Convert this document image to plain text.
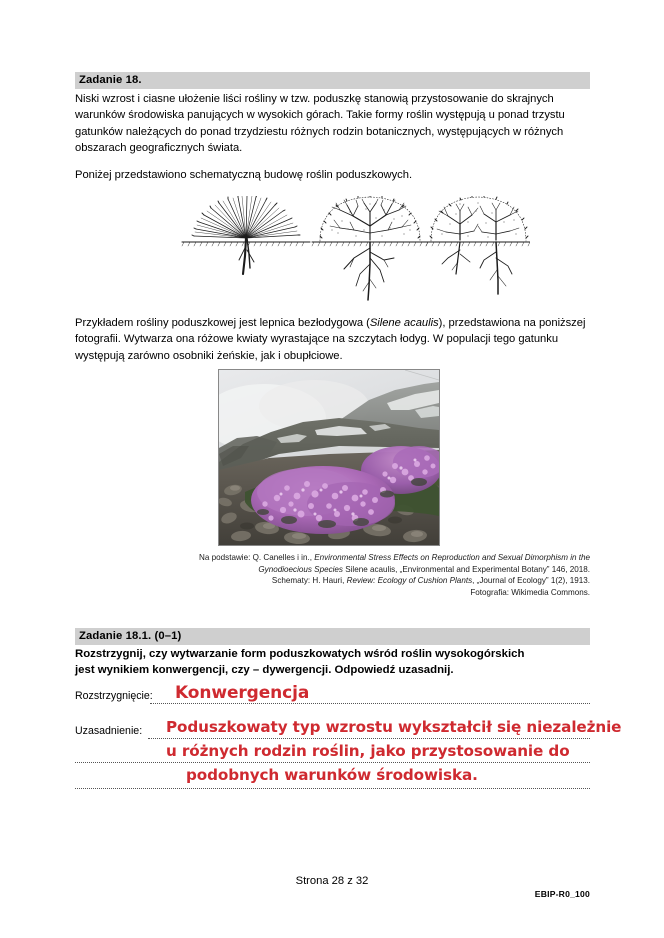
Zadanie 18.
Niski wzrost i ciasne ułożenie liści rośliny w tzw. poduszkę stanowią przystosowanie do skrajnych warunków środowiska panujących w wysokich górach. Takie formy roślin występują u ponad trzystu gatunków należących do ponad trzydziestu różnych rodzin botanicznych, występujących w różnych obszarach geograficznych świata.
Poniżej przedstawiono schematyczną budowę roślin poduszkowych.
Przykładem rośliny poduszkowej jest lepnica bezłodygowa (Silene acaulis), przedstawiona na poniższej fotografii. Wytwarza ona różowe kwiaty wyrastające na szczytach łodyg. W populacji tego gatunku występują zarówno osobniki żeńskie, jak i obupłciowe.
Na podstawie: Q. Canelles i in., Environmental Stress Effects on Reproduction and Sexual Dimorphism in the
Gynodioecious Species Silene acaulis, „Environmental and Experimental Botany” 146, 2018.
Schematy: H. Hauri, Review: Ecology of Cushion Plants, „Journal of Ecology” 1(2), 1913.
Fotografia: Wikimedia Commons.
Zadanie 18.1. (0–1)
Rozstrzygnij, czy wytwarzanie form poduszkowatych wśród roślin wysokogórskich
jest wynikiem konwergencji, czy – dywergencji. Odpowiedź uzasadnij.
Rozstrzygnięcie: Konwergencja
Uzasadnienie: Poduszkowaty typ wzrostu wykształcił się niezależnie
u różnych rodzin roślin, jako przystosowanie do
podobnych warunków środowiska.
Strona 28 z 32
EBIP-R0_100
